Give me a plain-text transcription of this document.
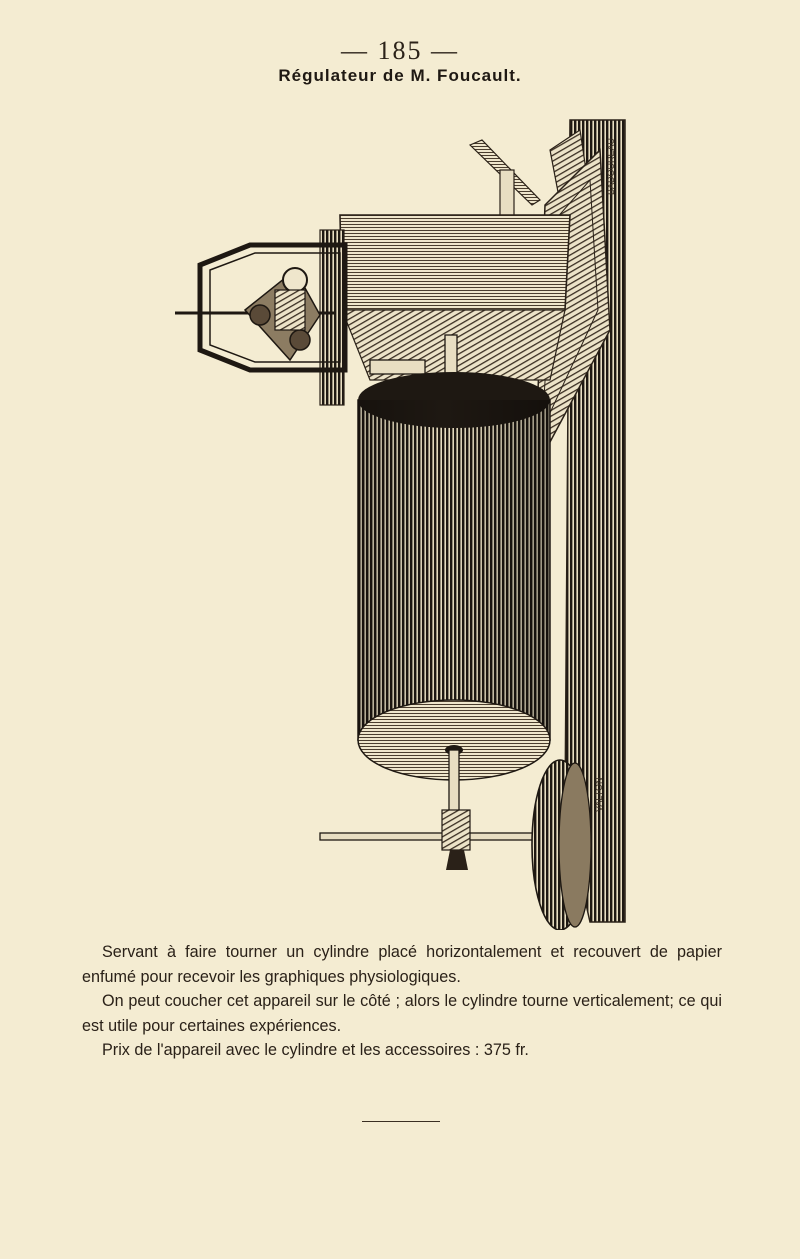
— 185 —
Régulateur de M. Foucault.
VALTON
BADOUREAU

Servant à faire tourner un cylindre placé horizontalement et recouvert de papier enfumé pour recevoir les graphiques physiologiques.

On peut coucher cet appareil sur le côté ; alors le cylindre tourne verticalement; ce qui est utile pour certaines expériences.

Prix de l'appareil avec le cylindre et les accessoires : 375 fr.
